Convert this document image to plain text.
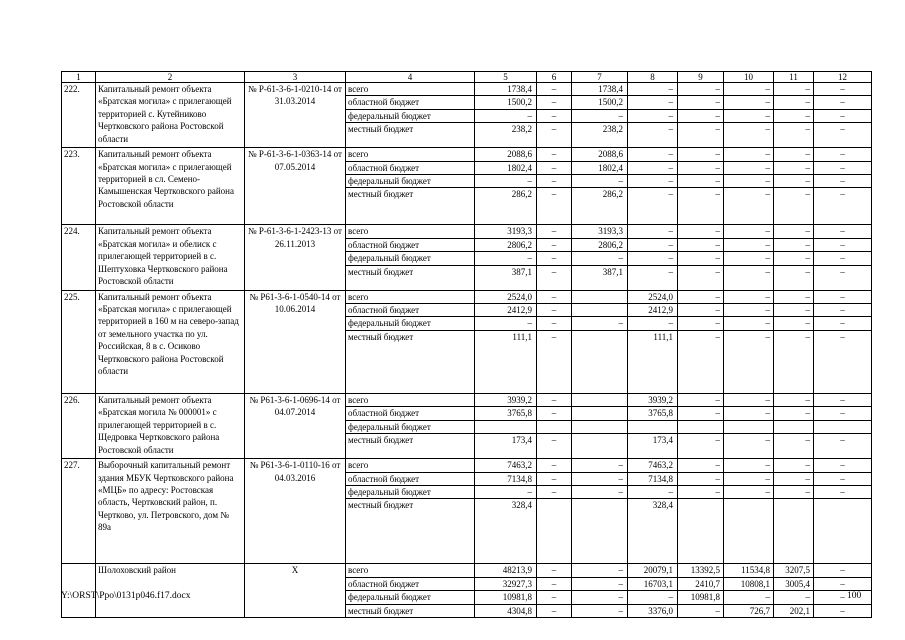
1	2	3	4	5	6	7	8	9	10	11	12
222.	Капитальный ремонт объекта «Братская могила» с прилегающей территорией с. Кутейниково Чертковского района Ростовской области	№ Р-61-3-6-1-0210-14 от 31.03.2014	всего	1738,4	–	1738,4	–	–	–	–	–
			областной бюджет	1500,2	–	1500,2	–	–	–	–	–
			федеральный бюджет	–	–	–	–	–	–	–	–
			местный бюджет	238,2	–	238,2	–	–	–	–	–
223.	Капитальный ремонт объекта «Братская могила» с прилегающей территорией в сл. Семено-Камышенская Чертковского района Ростовской области	№ Р-61-3-6-1-0363-14 от 07.05.2014	всего	2088,6	–	2088,6	–	–	–	–	–
			областной бюджет	1802,4	–	1802,4	–	–	–	–	–
			федеральный бюджет	–	–	–	–	–	–	–	–
			местный бюджет	286,2	–	286,2	–	–	–	–	–
224.	Капитальный ремонт объекта «Братская могила» и обелиск с прилегающей территорией в с. Шептуховка Чертковского района Ростовской области	№ Р-61-3-6-1-2423-13 от 26.11.2013	всего	3193,3	–	3193,3	–	–	–	–	–
			областной бюджет	2806,2	–	2806,2	–	–	–	–	–
			федеральный бюджет	–	–	–	–	–	–	–	–
			местный бюджет	387,1	–	387,1	–	–	–	–	–
225.	Капитальный ремонт объекта «Братская могила» с прилегающей территорией в 160 м на северо-запад от земельного участка по ул. Российская, 8 в с. Осиково Чертковского района Ростовской области	№ Р61-3-6-1-0540-14 от 10.06.2014	всего	2524,0	–		2524,0	–	–	–	–
			областной бюджет	2412,9	–		2412,9	–	–	–	–
			федеральный бюджет	–	–	–	–	–	–	–	–
			местный бюджет	111,1	–		111,1	–	–	–	–
226.	Капитальный ремонт объекта «Братская могила № 000001» с прилегающей территорией в с. Щедровка Чертковского района Ростовской области	№ Р61-3-6-1-0696-14 от 04.07.2014	всего	3939,2	–		3939,2	–	–	–	–
			областной бюджет	3765,8	–		3765,8	–	–	–	–
			федеральный бюджет								
			местный бюджет	173,4	–		173,4	–	–	–	–
227.	Выборочный капитальный ремонт здания МБУК Чертковского района «МЦБ» по адресу: Ростовская область, Чертковский район, п. Чертково, ул. Петровского, дом № 89а	№ Р61-3-6-1-0110-16 от 04.03.2016	всего	7463,2	–	–	7463,2	–	–	–	–
			областной бюджет	7134,8	–	–	7134,8	–	–	–	–
			федеральный бюджет	–	–	–	–	–	–	–	–
			местный бюджет	328,4			328,4				
	Шолоховский район	Х	всего	48213,9	–	–	20079,1	13392,5	11534,8	3207,5	–
			областной бюджет	32927,3	–	–	16703,1	2410,7	10808,1	3005,4	–
			федеральный бюджет	10981,8	–	–	–	10981,8	–	–	–
			местный бюджет	4304,8	–	–	3376,0	–	726,7	202,1	–
Y:\ORST\Ppo\0131p046.f17.docx	100
